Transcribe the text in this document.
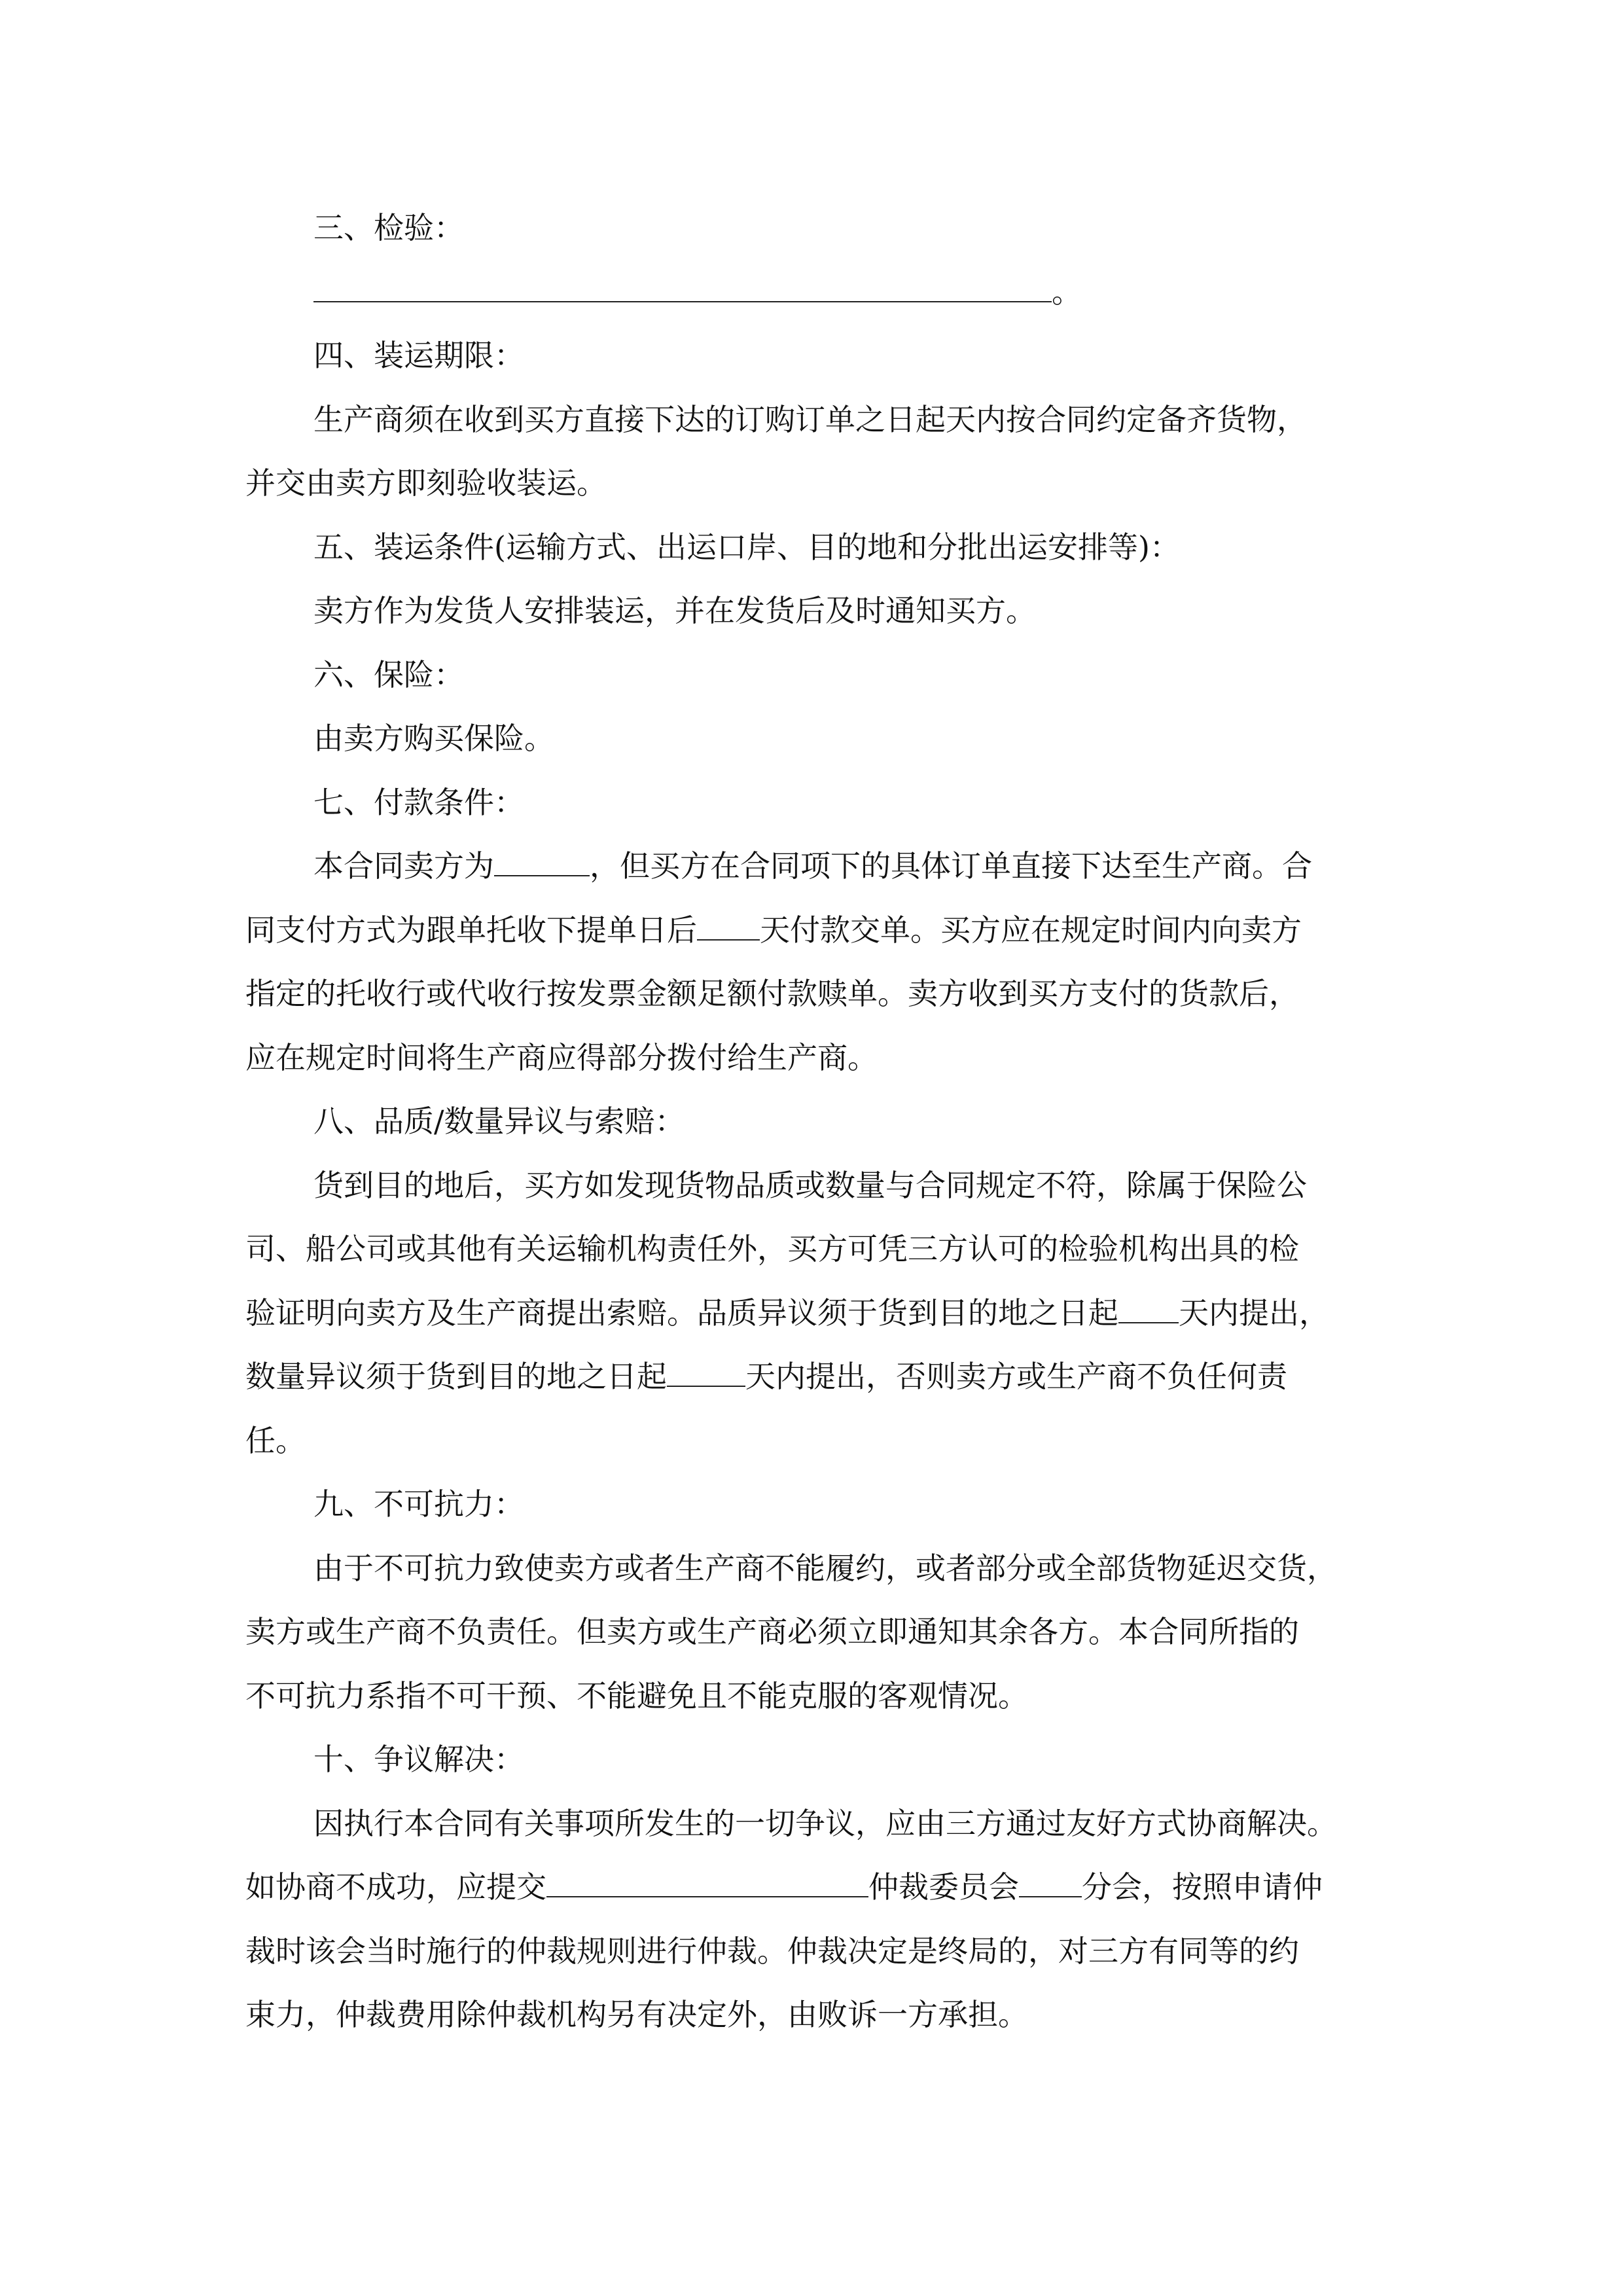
三、检验：

。

四、装运期限：

生产商须在收到买方直接下达的订购订单之日起天内按合同约定备齐货物，

并交由卖方即刻验收装运。

五、装运条件(运输方式、出运口岸、目的地和分批出运安排等)：

卖方作为发货人安排装运，并在发货后及时通知买方。

六、保险：

由卖方购买保险。

七、付款条件：

本合同卖方为	，但买方在合同项下的具体订单直接下达至生产商。合

同支付方式为跟单托收下提单日后 天付款交单。买方应在规定时间内向卖方

指定的托收行或代收行按发票金额足额付款赎单。卖方收到买方支付的货款后，

应在规定时间将生产商应得部分拨付给生产商。

八、品质/数量异议与索赔：

货到目的地后，买方如发现货物品质或数量与合同规定不符，除属于保险公

司、船公司或其他有关运输机构责任外，买方可凭三方认可的检验机构出具的检

验证明向卖方及生产商提出索赔。品质异议须于货到目的地之日起 天内提出，

数量异议须于货到目的地之日起	天内提出，否则卖方或生产商不负任何责

任。

九、不可抗力：

由于不可抗力致使卖方或者生产商不能履约，或者部分或全部货物延迟交货，

卖方或生产商不负责任。但卖方或生产商必须立即通知其余各方。本合同所指的

不可抗力系指不可干预、不能避免且不能克服的客观情况。

十、争议解决：

因执行本合同有关事项所发生的一切争议，应由三方通过友好方式协商解决。

如协商不成功，应提交	仲裁委员会 分会，按照申请仲

裁时该会当时施行的仲裁规则进行仲裁。仲裁决定是终局的，对三方有同等的约

束力，仲裁费用除仲裁机构另有决定外，由败诉一方承担。
